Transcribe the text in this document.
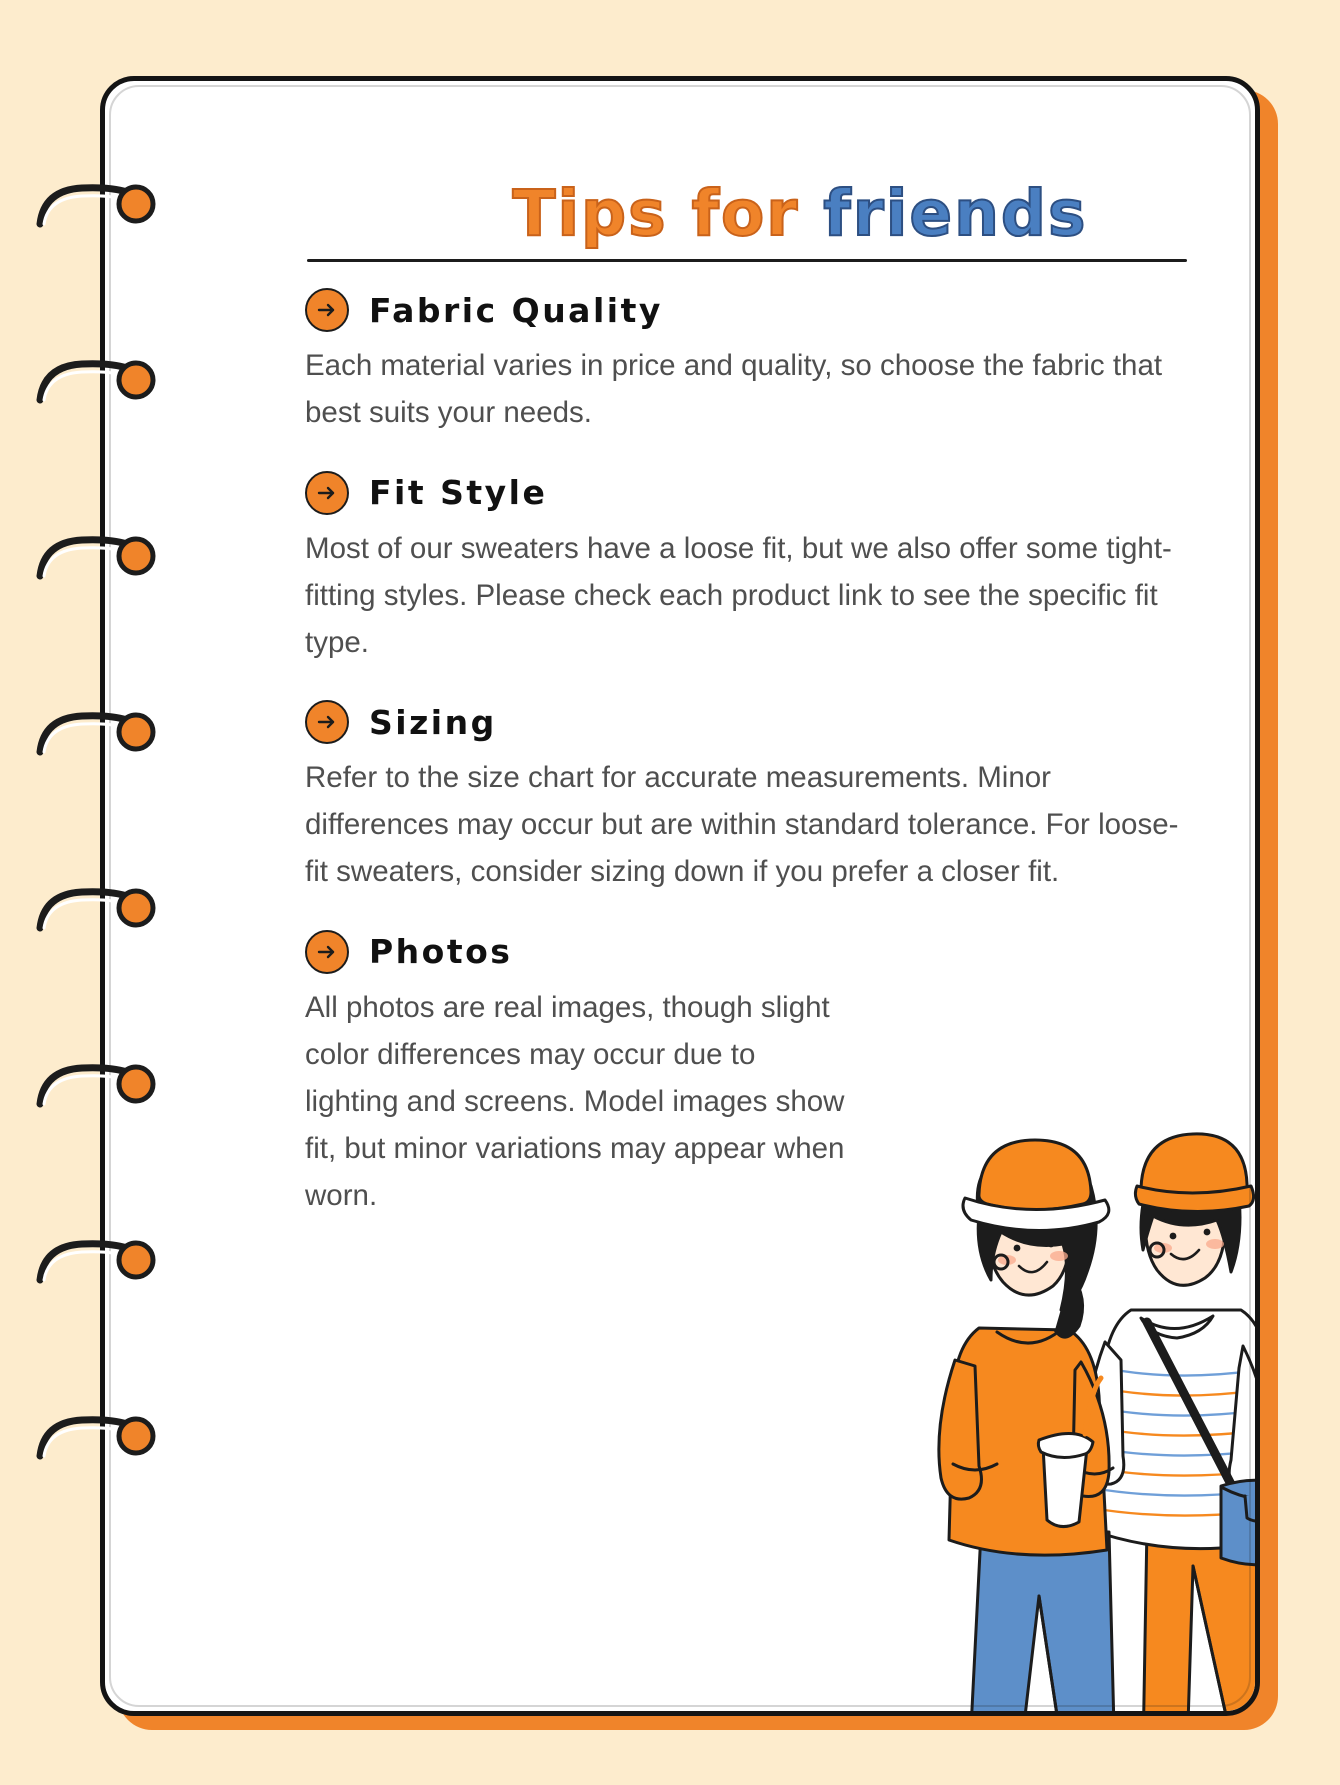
Tips for friends
Fabric Quality

Each material varies in price and quality, so choose the fabric that best suits your needs.

Fit Style

Most of our sweaters have a loose fit, but we also offer some tight-fitting styles. Please check each product link to see the specific fit type.

Sizing

Refer to the size chart for accurate measurements. Minor differences may occur but are within standard tolerance. For loose-fit sweaters, consider sizing down if you prefer a closer fit.

Photos

All photos are real images, though slight color differences may occur due to lighting and screens. Model images show fit, but minor variations may appear when worn.
